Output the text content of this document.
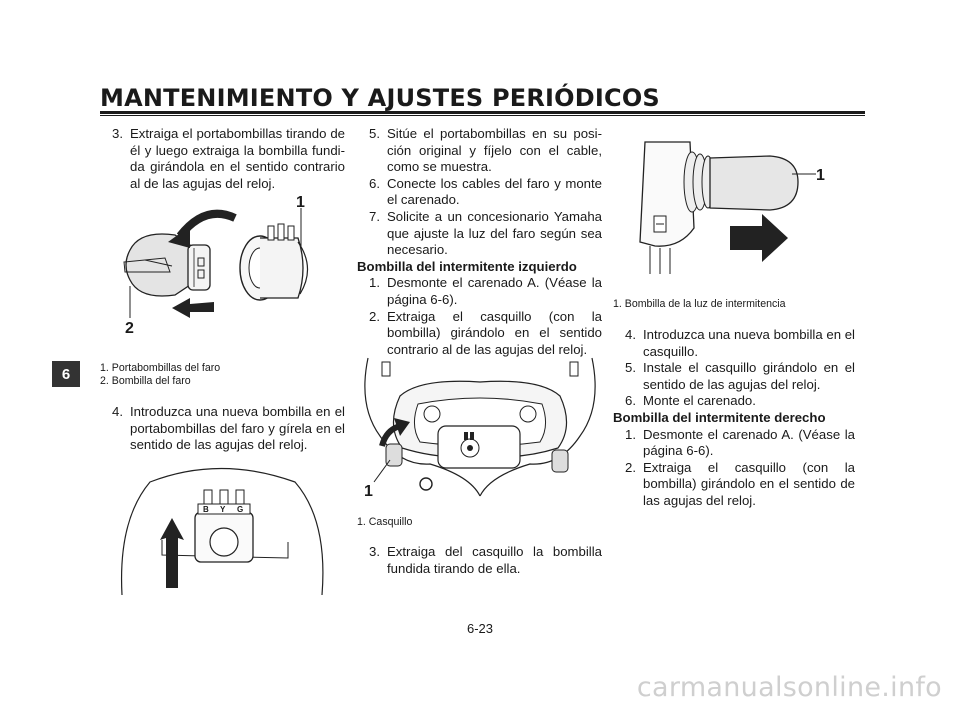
MANTENIMIENTO Y AJUSTES PERIÓDICOS
6

3. Extraiga el portabombillas tirando de él y luego extraiga la bombilla fundida girándola en el sentido contrario al de las agujas del reloj.

1
2
1. Portabombillas del faro
2. Bombilla del faro

4. Introduzca una nueva bombilla en el portabombillas del faro y gírela en el sentido de las agujas del reloj.

B Y G

5. Sitúe el portabombillas en su posición original y fíjelo con el cable, como se muestra.

6. Conecte los cables del faro y monte el carenado.

7. Solicite a un concesionario Yamaha que ajuste la luz del faro según sea necesario.

Bombilla del intermitente izquierdo

1. Desmonte el carenado A. (Véase la página 6-6).

2. Extraiga el casquillo (con la bombilla) girándolo en el sentido contrario al de las agujas del reloj.

1
1. Casquillo

3. Extraiga del casquillo la bombilla fundida tirando de ella.

1
1. Bombilla de la luz de intermitencia

4. Introduzca una nueva bombilla en el casquillo.

5. Instale el casquillo girándolo en el sentido de las agujas del reloj.

6. Monte el carenado.

Bombilla del intermitente derecho

1. Desmonte el carenado A. (Véase la página 6-6).

2. Extraiga el casquillo (con la bombilla) girándolo en el sentido de las agujas del reloj.

6-23
carmanualsonline.info
